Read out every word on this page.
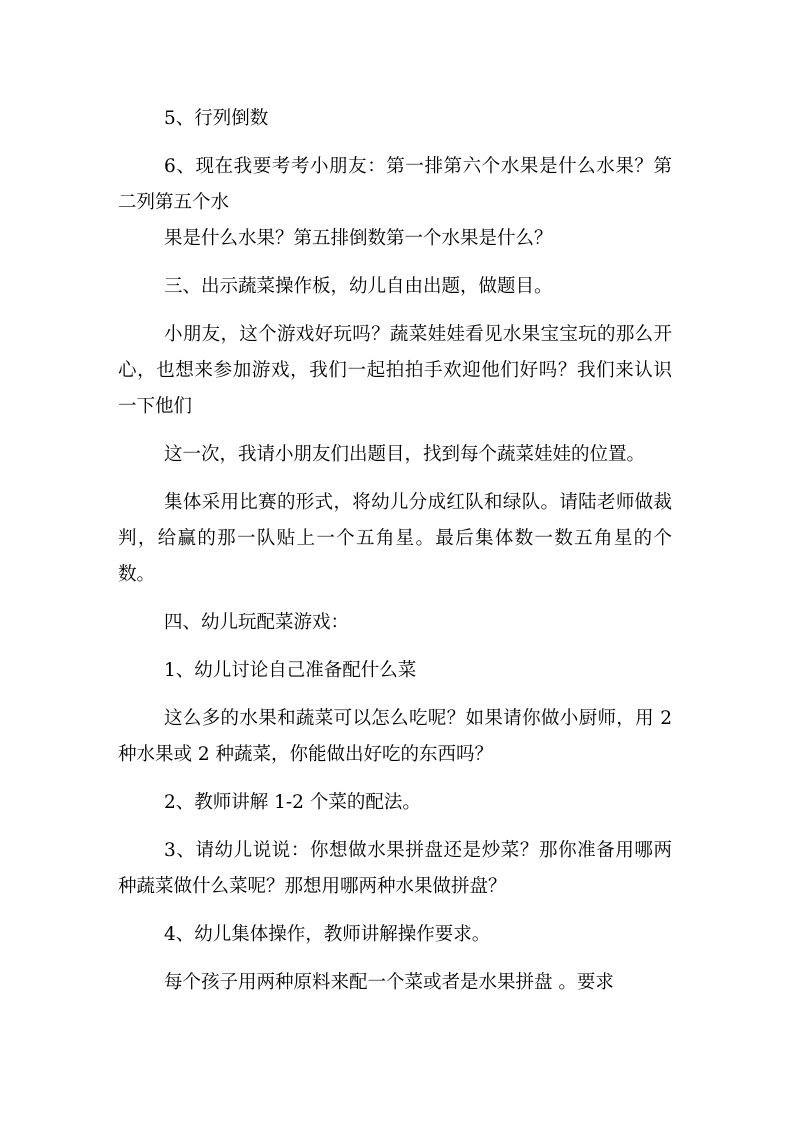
5、行列倒数

6、现在我要考考小朋友：第一排第六个水果是什么水果？第二列第五个水

果是什么水果？第五排倒数第一个水果是什么？

三、出示蔬菜操作板，幼儿自由出题，做题目。

小朋友，这个游戏好玩吗？蔬菜娃娃看见水果宝宝玩的那么开心，也想来参加游戏，我们一起拍拍手欢迎他们好吗？我们来认识一下他们

这一次，我请小朋友们出题目，找到每个蔬菜娃娃的位置。

集体采用比赛的形式，将幼儿分成红队和绿队。请陆老师做裁判，给赢的那一队贴上一个五角星。最后集体数一数五角星的个数。

四、幼儿玩配菜游戏：

1、幼儿讨论自己准备配什么菜

这么多的水果和蔬菜可以怎么吃呢？如果请你做小厨师，用 2 种水果或 2 种蔬菜，你能做出好吃的东西吗？

2、教师讲解 1-2 个菜的配法。

3、请幼儿说说：你想做水果拼盘还是炒菜？那你准备用哪两种蔬菜做什么菜呢？那想用哪两种水果做拼盘？

4、幼儿集体操作，教师讲解操作要求。

每个孩子用两种原料来配一个菜或者是水果拼盘 。要求
